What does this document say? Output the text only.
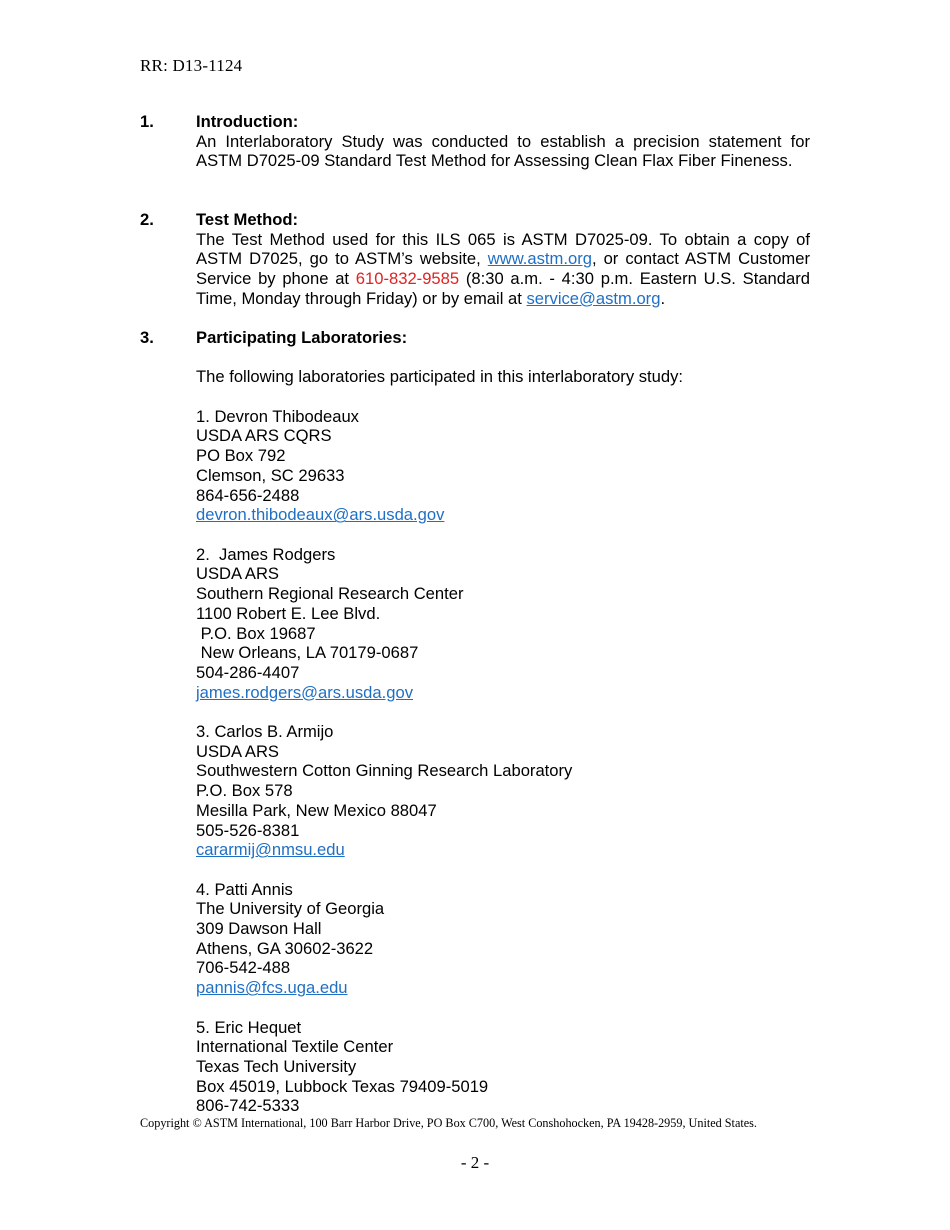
RR: D13-1124
1.	Introduction:
An Interlaboratory Study was conducted to establish a precision statement for ASTM D7025-09 Standard Test Method for Assessing Clean Flax Fiber Fineness.
2.	Test Method:
The Test Method used for this ILS 065 is ASTM D7025-09. To obtain a copy of ASTM D7025, go to ASTM’s website, www.astm.org, or contact ASTM Customer Service by phone at 610-832-9585 (8:30 a.m. - 4:30 p.m. Eastern U.S. Standard Time, Monday through Friday) or by email at service@astm.org.
3.	Participating Laboratories:
The following laboratories participated in this interlaboratory study:
1. Devron Thibodeaux
USDA ARS CQRS
PO Box 792
Clemson, SC 29633
864-656-2488
devron.thibodeaux@ars.usda.gov
2.  James Rodgers
USDA ARS
Southern Regional Research Center
1100 Robert E. Lee Blvd.
P.O. Box 19687
New Orleans, LA 70179-0687
504-286-4407
james.rodgers@ars.usda.gov
3. Carlos B. Armijo
USDA ARS
Southwestern Cotton Ginning Research Laboratory
P.O. Box 578
Mesilla Park, New Mexico 88047
505-526-8381
cararmij@nmsu.edu
4. Patti Annis
The University of Georgia
309 Dawson Hall
Athens, GA 30602-3622
706-542-488
pannis@fcs.uga.edu
5. Eric Hequet
International Textile Center
Texas Tech University
Box 45019, Lubbock Texas 79409-5019
806-742-5333
Copyright © ASTM International, 100 Barr Harbor Drive, PO Box C700, West Conshohocken, PA 19428-2959, United States.
- 2 -
